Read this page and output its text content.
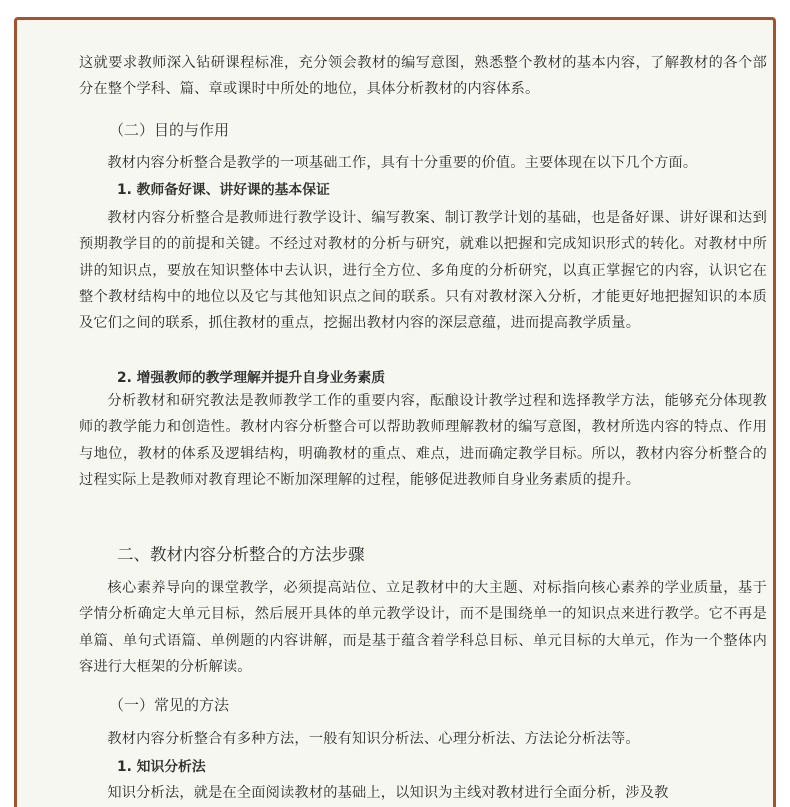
这就要求教师深入钻研课程标准，充分领会教材的编写意图，熟悉整个教材的基本内容，了解教材的各个部分在整个学科、篇、章或课时中所处的地位，具体分析教材的内容体系。

（二）目的与作用

教材内容分析整合是教学的一项基础工作，具有十分重要的价值。主要体现在以下几个方面。

1. 教师备好课、讲好课的基本保证

教材内容分析整合是教师进行教学设计、编写教案、制订教学计划的基础，也是备好课、讲好课和达到预期教学目的的前提和关键。不经过对教材的分析与研究，就难以把握和完成知识形式的转化。对教材中所讲的知识点，要放在知识整体中去认识，进行全方位、多角度的分析研究，以真正掌握它的内容，认识它在整个教材结构中的地位以及它与其他知识点之间的联系。只有对教材深入分析，才能更好地把握知识的本质及它们之间的联系，抓住教材的重点，挖掘出教材内容的深层意蕴，进而提高教学质量。

2. 增强教师的教学理解并提升自身业务素质

分析教材和研究教法是教师教学工作的重要内容，酝酿设计教学过程和选择教学方法，能够充分体现教师的教学能力和创造性。教材内容分析整合可以帮助教师理解教材的编写意图，教材所选内容的特点、作用与地位，教材的体系及逻辑结构，明确教材的重点、难点，进而确定教学目标。所以，教材内容分析整合的过程实际上是教师对教育理论不断加深理解的过程，能够促进教师自身业务素质的提升。

二、教材内容分析整合的方法步骤

核心素养导向的课堂教学，必须提高站位、立足教材中的大主题、对标指向核心素养的学业质量，基于学情分析确定大单元目标，然后展开具体的单元教学设计，而不是围绕单一的知识点来进行教学。它不再是单篇、单句式语篇、单例题的内容讲解，而是基于蕴含着学科总目标、单元目标的大单元，作为一个整体内容进行大框架的分析解读。

（一）常见的方法

教材内容分析整合有多种方法，一般有知识分析法、心理分析法、方法论分析法等。

1. 知识分析法

知识分析法，就是在全面阅读教材的基础上，以知识为主线对教材进行全面分析，涉及教
